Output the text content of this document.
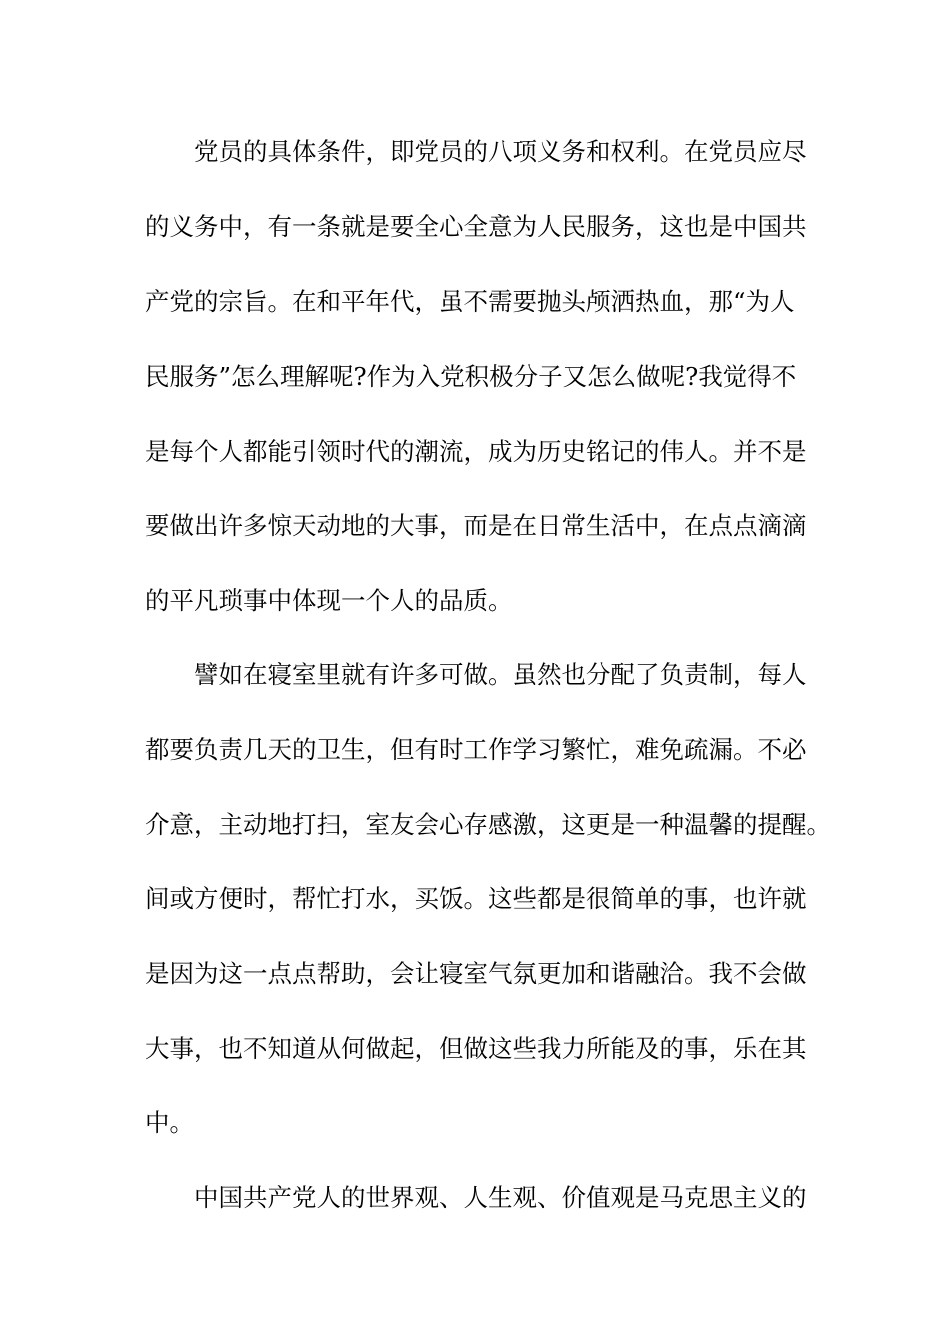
党员的具体条件，即党员的八项义务和权利。在党员应尽
的义务中，有一条就是要全心全意为人民服务，这也是中国共
产党的宗旨。在和平年代，虽不需要抛头颅洒热血，那“为人
民服务”怎么理解呢?作为入党积极分子又怎么做呢?我觉得不
是每个人都能引领时代的潮流，成为历史铭记的伟人。并不是
要做出许多惊天动地的大事，而是在日常生活中，在点点滴滴
的平凡琐事中体现一个人的品质。
譬如在寝室里就有许多可做。虽然也分配了负责制，每人
都要负责几天的卫生，但有时工作学习繁忙，难免疏漏。不必
介意，主动地打扫，室友会心存感激，这更是一种温馨的提醒。
间或方便时，帮忙打水，买饭。这些都是很简单的事，也许就
是因为这一点点帮助，会让寝室气氛更加和谐融洽。我不会做
大事，也不知道从何做起，但做这些我力所能及的事，乐在其
中。
中国共产党人的世界观、人生观、价值观是马克思主义的
